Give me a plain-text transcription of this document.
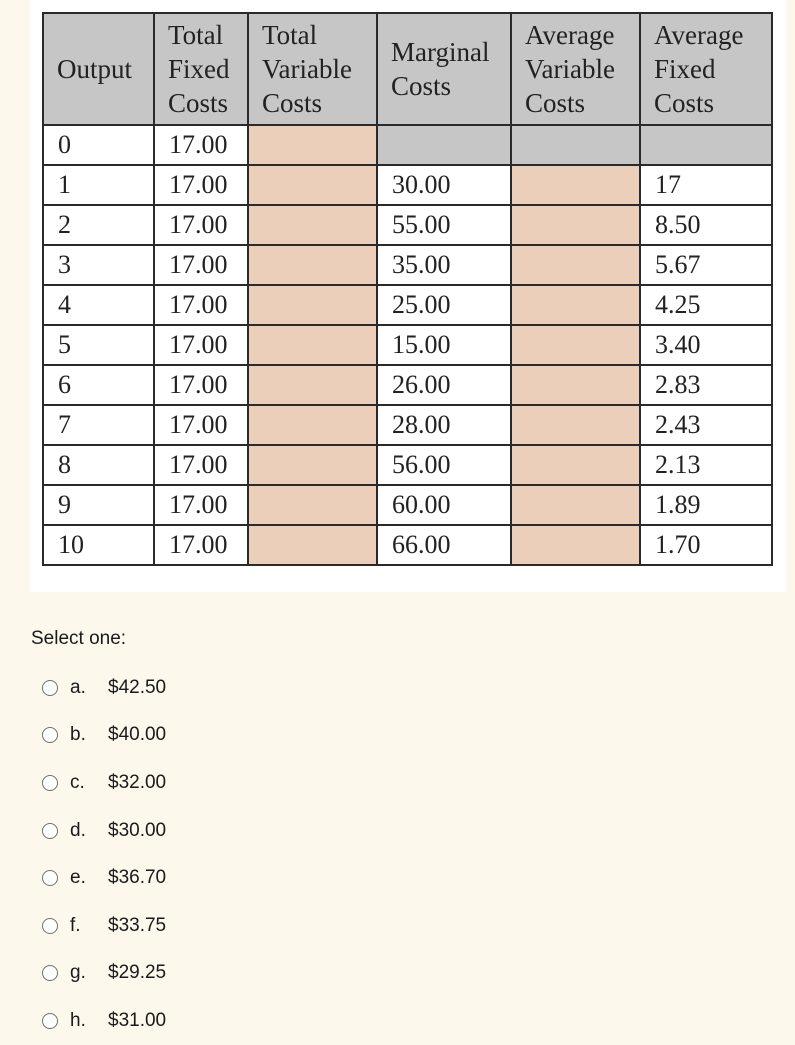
Output	Total
Fixed
Costs	Total
Variable
Costs	Marginal
Costs	Average
Variable
Costs	Average
Fixed
Costs
0	17.00				
1	17.00		30.00		17
2	17.00		55.00		8.50
3	17.00		35.00		5.67
4	17.00		25.00		4.25
5	17.00		15.00		3.40
6	17.00		26.00		2.83
7	17.00		28.00		2.43
8	17.00		56.00		2.13
9	17.00		60.00		1.89
10	17.00		66.00		1.70
Select one:
a.	$42.50
b.	$40.00
c.	$32.00
d.	$30.00
e.	$36.70
f.	$33.75
g.	$29.25
h.	$31.00
